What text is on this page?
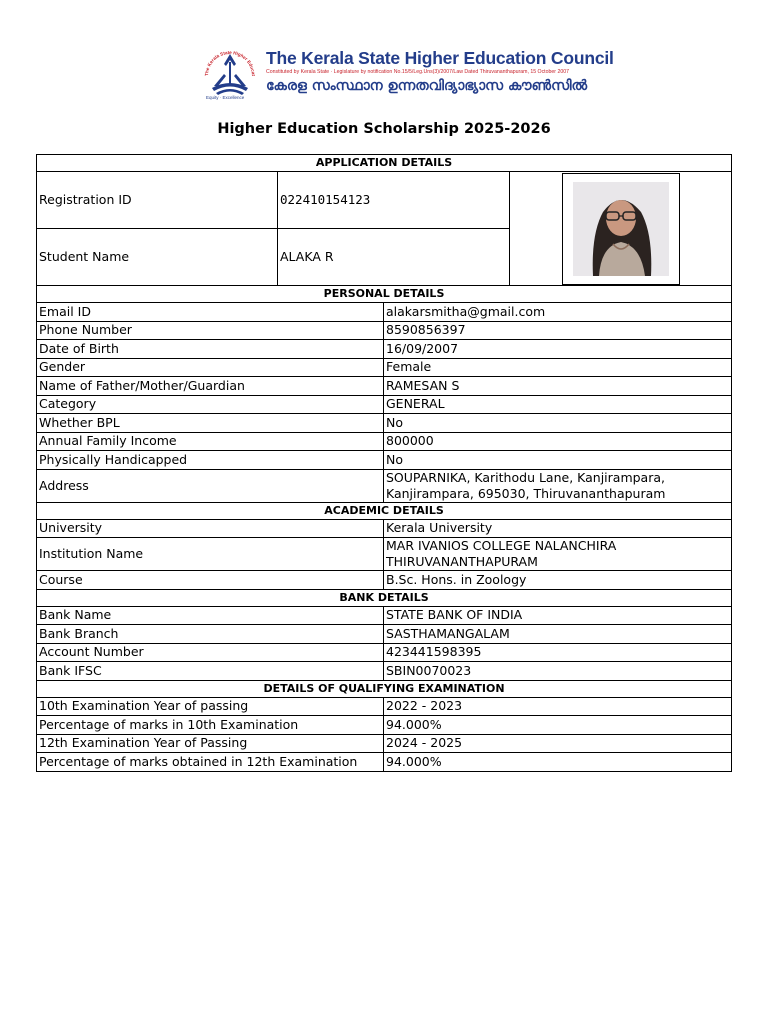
The Kerala State Higher Educat
Equity · Excellence
The Kerala State Higher Education Council
Constituted by Kerala State · Legislature by notification No.15/5/Leg.Uns(3)/2007/Law Dated Thiruvananthapuram, 15 October 2007
കേരള സംസ്ഥാന ഉന്നതവിദ്യാഭ്യാസ കൗൺസിൽ
Higher Education Scholarship 2025-2026
APPLICATION DETAILS			
Registration ID	022410154123	

Student Name	ALAKA R		
PERSONAL DETAILS			
Email ID		alakarsmitha@gmail.com	
Phone Number		8590856397	
Date of Birth		16/09/2007	
Gender		Female	
Name of Father/Mother/Guardian		RAMESAN S	
Category		GENERAL	
Whether BPL		No	
Annual Family Income		800000	
Physically Handicapped		No	
Address		SOUPARNIKA, Karithodu Lane, Kanjirampara,
Kanjirampara, 695030, Thiruvananthapuram	

ACADEMIC DETAILS			
University		Kerala University	
Institution Name		MAR IVANIOS COLLEGE NALANCHIRA
THIRUVANANTHAPURAM	

Course		B.Sc. Hons. in Zoology	
BANK DETAILS			
Bank Name		STATE BANK OF INDIA	
Bank Branch		SASTHAMANGALAM	
Account Number		423441598395	
Bank IFSC		SBIN0070023	
DETAILS OF QUALIFYING EXAMINATION			
10th Examination Year of passing		2022 - 2023	
Percentage of marks in 10th Examination		94.000%	
12th Examination Year of Passing		2024 - 2025	
Percentage of marks obtained in 12th Examination		94.000%	
